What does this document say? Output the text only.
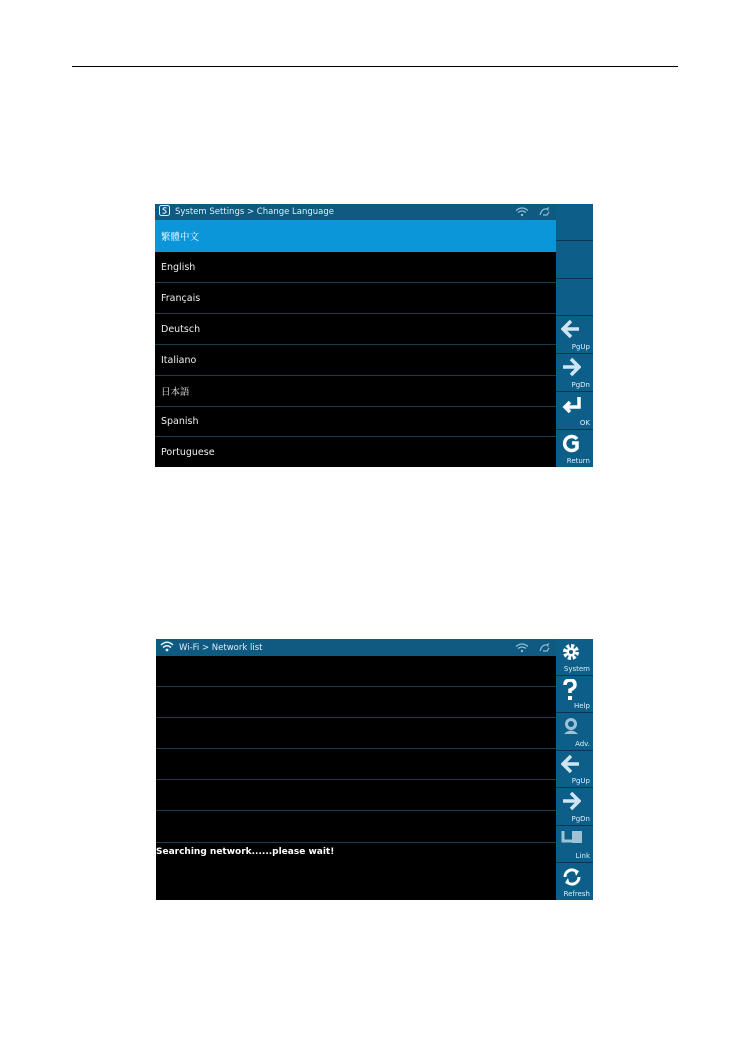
System Settings > Change Language
繁體中文
English
Français
Deutsch
Italiano
日本語
Spanish
Portuguese
PgUp
PgDn
OK
Return
Wi-Fi > Network list
Searching network......please wait!
System
Help
Adv.
PgUp
PgDn
Link
Refresh
